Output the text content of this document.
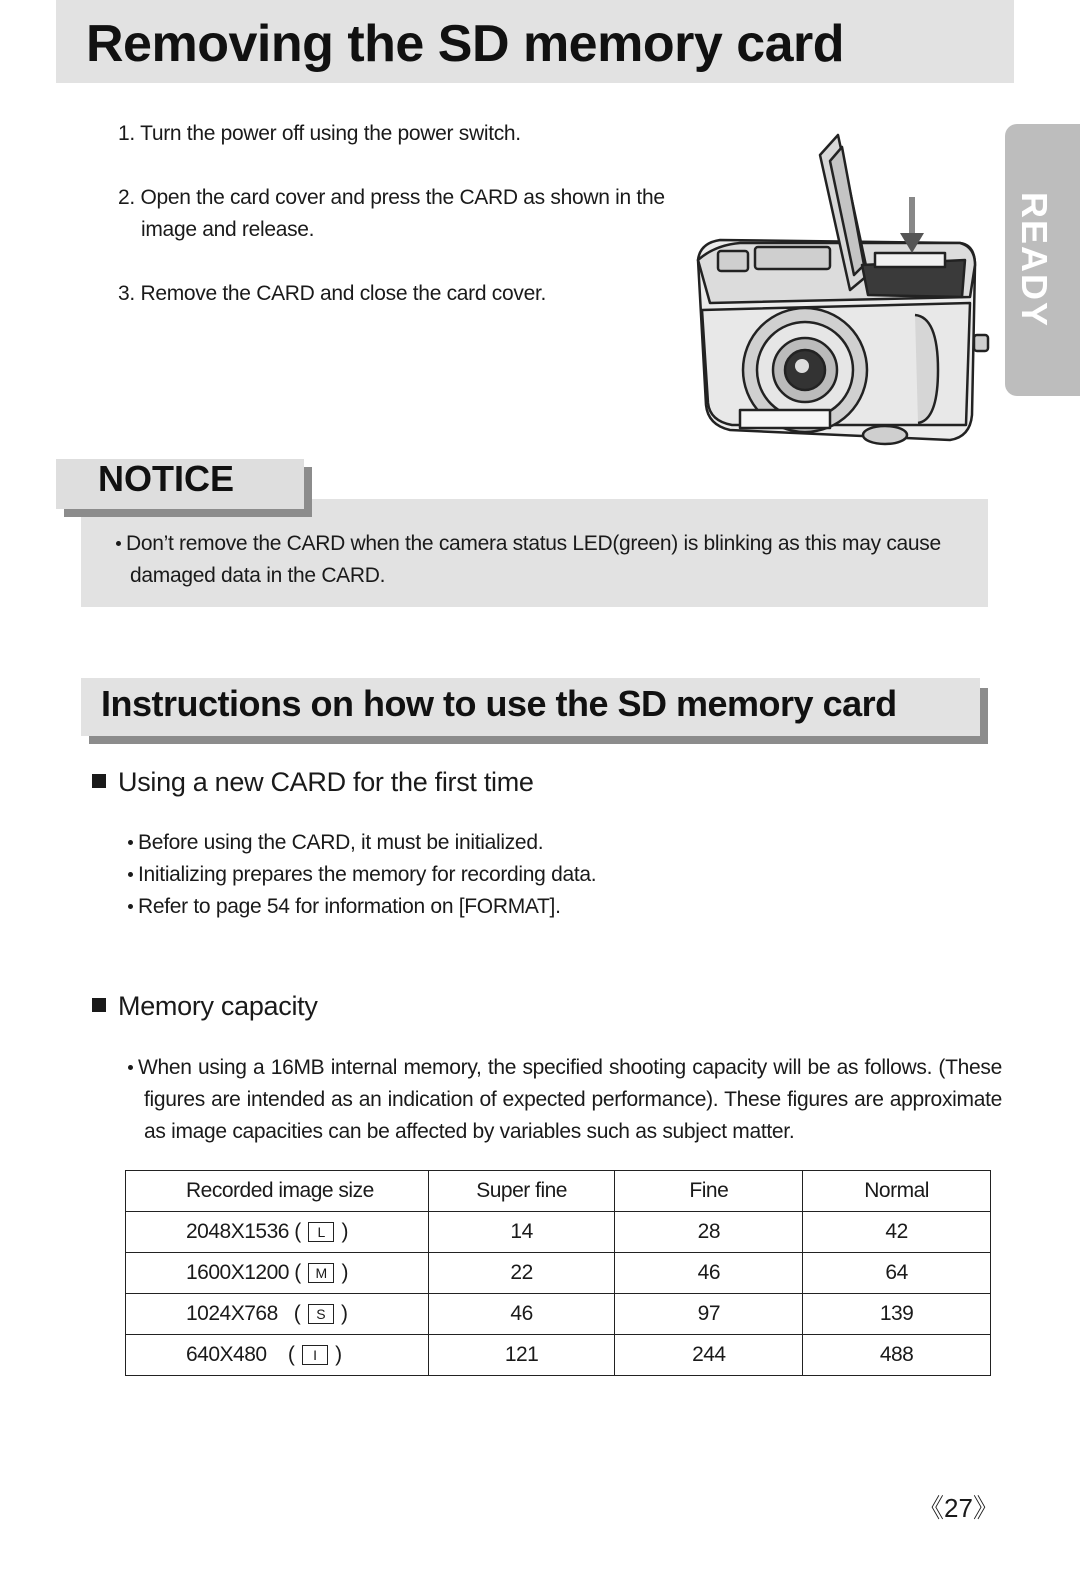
Removing the SD memory card
1. Turn the power off using the power switch.
2. Open the card cover and press the CARD as shown in the image and release.
3. Remove the CARD and close the card cover.	READY
NOTICE
Don’t remove the CARD when the camera status LED(green) is blinking as this may cause damaged data in the CARD.
Instructions on how to use the SD memory card
Using a new CARD for the first time
Before using the CARD, it must be initialized.
Initializing prepares the memory for recording data.
Refer to page 54 for information on [FORMAT].
Memory capacity
When using a 16MB internal memory, the specified shooting capacity will be as follows. (These figures are intended as an indication of expected performance). These figures are approximate as image capacities can be affected by variables such as subject matter.
Recorded image size	Super fine	Fine	Normal
2048X1536 ( L )	14	28	42
1600X1200 ( M )	22	46	64
1024X768   ( S )	46	97	139
640X480    ( I )	121	244	488
《27》
